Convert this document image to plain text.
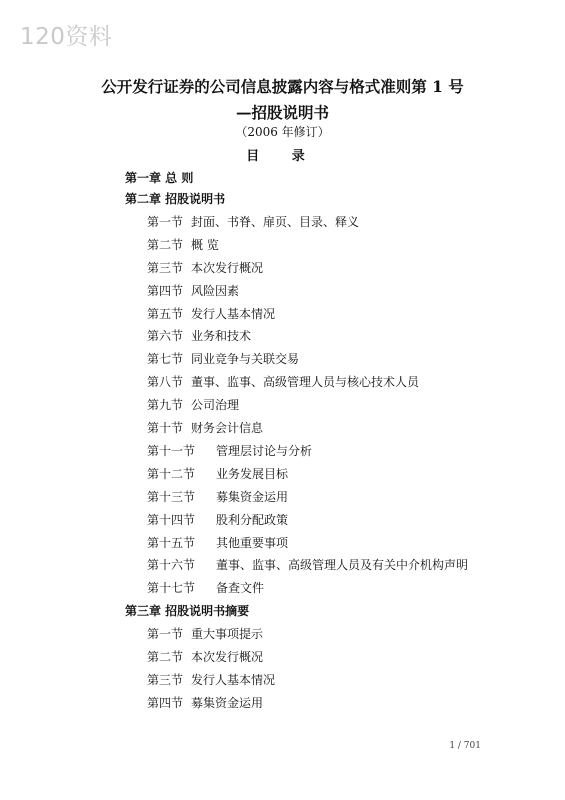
120资料
公开发行证券的公司信息披露内容与格式准则第 1 号
—招股说明书
（2006 年修订）
目 录
第一章 总 则
第二章 招股说明书
第一节 封面、书脊、扉页、目录、释义
第二节 概 览
第三节 本次发行概况
第四节 风险因素
第五节 发行人基本情况
第六节 业务和技术
第七节 同业竞争与关联交易
第八节 董事、监事、高级管理人员与核心技术人员
第九节 公司治理
第十节 财务会计信息
第十一节 管理层讨论与分析
第十二节 业务发展目标
第十三节 募集资金运用
第十四节 股利分配政策
第十五节 其他重要事项
第十六节 董事、监事、高级管理人员及有关中介机构声明
第十七节 备查文件
第三章 招股说明书摘要
第一节 重大事项提示
第二节 本次发行概况
第三节 发行人基本情况
第四节 募集资金运用
1 / 701
